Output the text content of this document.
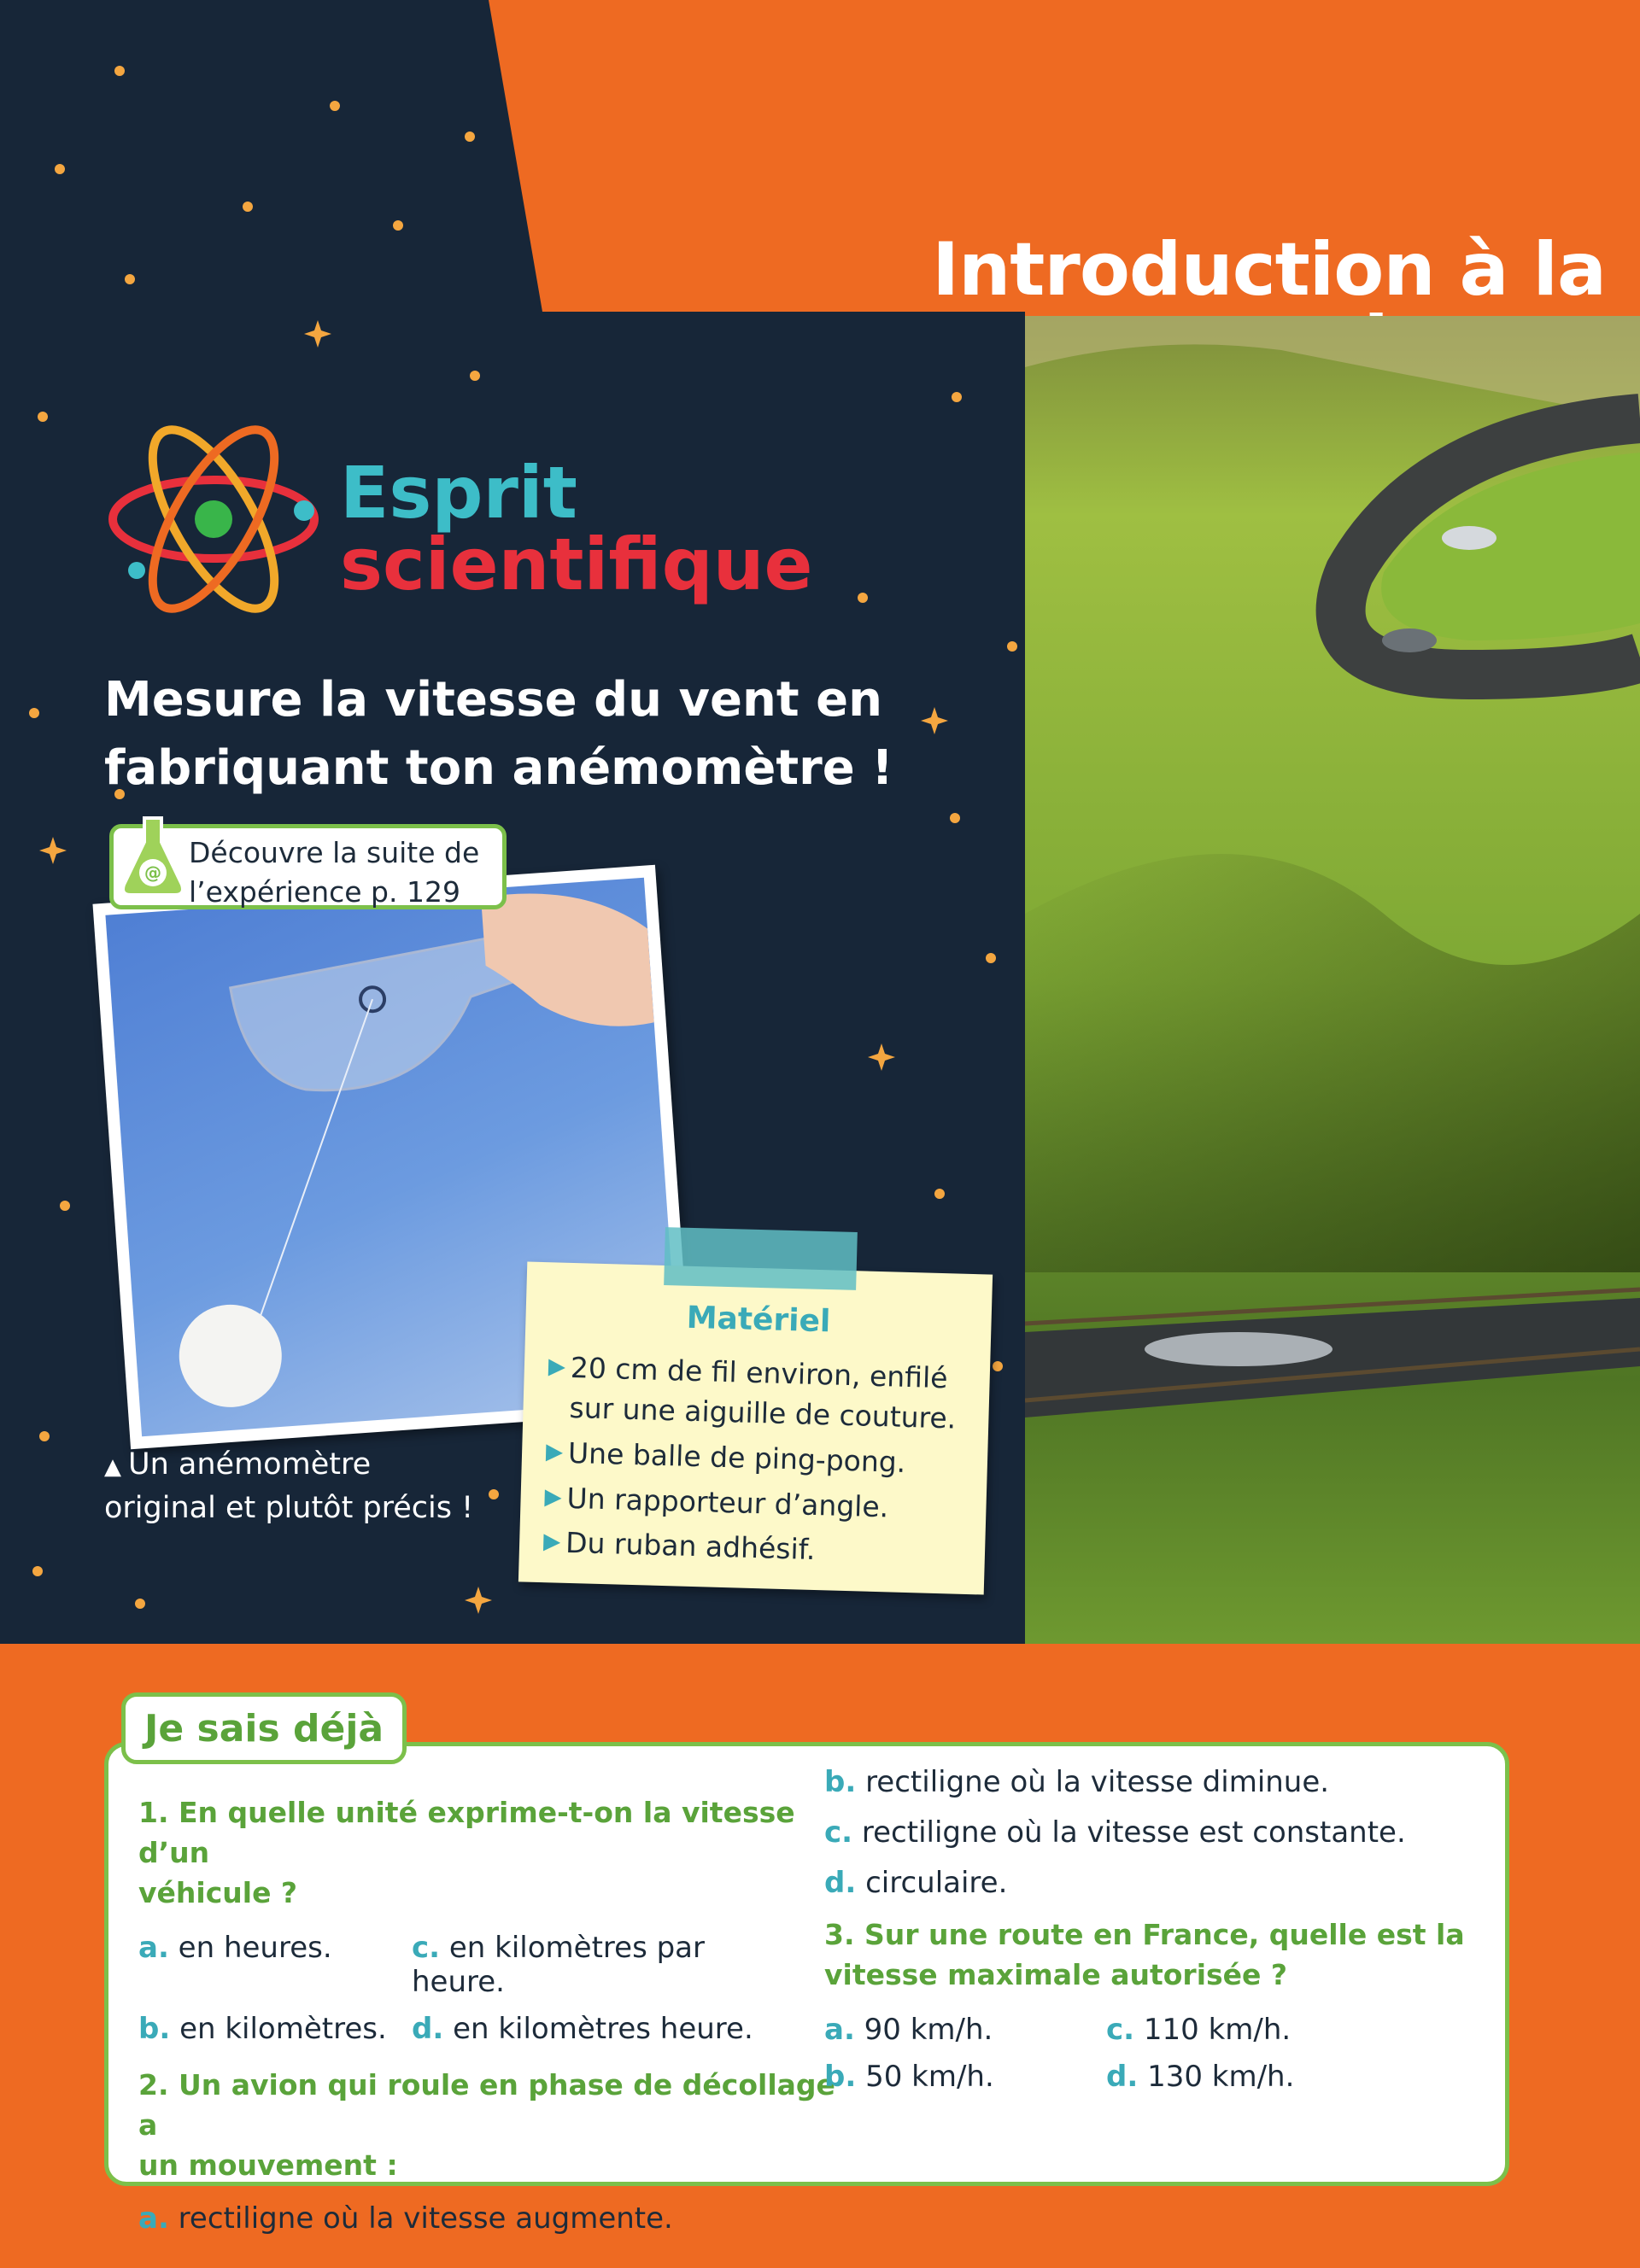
Introduction à la
Esprit
scientifique
Mesure la vitesse du vent en
fabriquant ton anémomètre !
@
Découvre la suite de
l’expérience p. 129
▲ Un anémomètre
original et plutôt précis !
Matériel
▶ 20 cm de fil environ, enfilé
sur une aiguille de couture.
▶ Une balle de ping-pong.
▶ Un rapporteur d’angle.
▶ Du ruban adhésif.
1. En quelle unité exprime-t-on la vitesse d’un
véhicule ?
a. en heures.	c. en kilomètres par heure.
b. en kilomètres. d. en kilomètres heure.
2. Un avion qui roule en phase de décollage a
un mouvement :
a. rectiligne où la vitesse augmente.
b. rectiligne où la vitesse diminue.
c. rectiligne où la vitesse est constante.
d. circulaire.
3. Sur une route en France, quelle est la
vitesse maximale autorisée ?
a. 90 km/h.	c. 110 km/h.
b. 50 km/h.	d. 130 km/h.
Je sais déjà
